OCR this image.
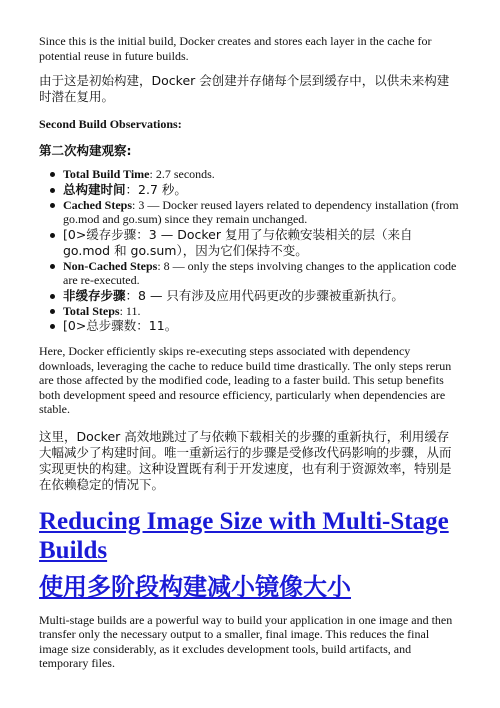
Since this is the initial build, Docker creates and stores each layer in the cache for potential reuse in future builds.

由于这是初始构建，Docker 会创建并存储每个层到缓存中，以供未来构建时潜在复用。

Second Build Observations:

第二次构建观察:

Total Build Time: 2.7 seconds.
总构建时间：2.7 秒。
Cached Steps: 3 — Docker reused layers related to dependency installation (from go.mod and go.sum) since they remain unchanged.
[0>缓存步骤：3 — Docker 复用了与依赖安装相关的层（来自 go.mod 和 go.sum），因为它们保持不变。
Non-Cached Steps: 8 — only the steps involving changes to the application code are re-executed.
非缓存步骤：8 — 只有涉及应用代码更改的步骤被重新执行。
Total Steps: 11.
[0>总步骤数：11。

Here, Docker efficiently skips re-executing steps associated with dependency downloads, leveraging the cache to reduce build time drastically. The only steps rerun are those affected by the modified code, leading to a faster build. This setup benefits both development speed and resource efficiency, particularly when dependencies are stable.

这里，Docker 高效地跳过了与依赖下载相关的步骤的重新执行，利用缓存大幅减少了构建时间。唯一重新运行的步骤是受修改代码影响的步骤，从而实现更快的构建。这种设置既有利于开发速度，也有利于资源效率，特别是在依赖稳定的情况下。

Reducing Image Size with Multi-Stage Builds
使用多阶段构建减小镜像大小

Multi-stage builds are a powerful way to build your application in one image and then transfer only the necessary output to a smaller, final image. This reduces the final image size considerably, as it excludes development tools, build artifacts, and temporary files.
